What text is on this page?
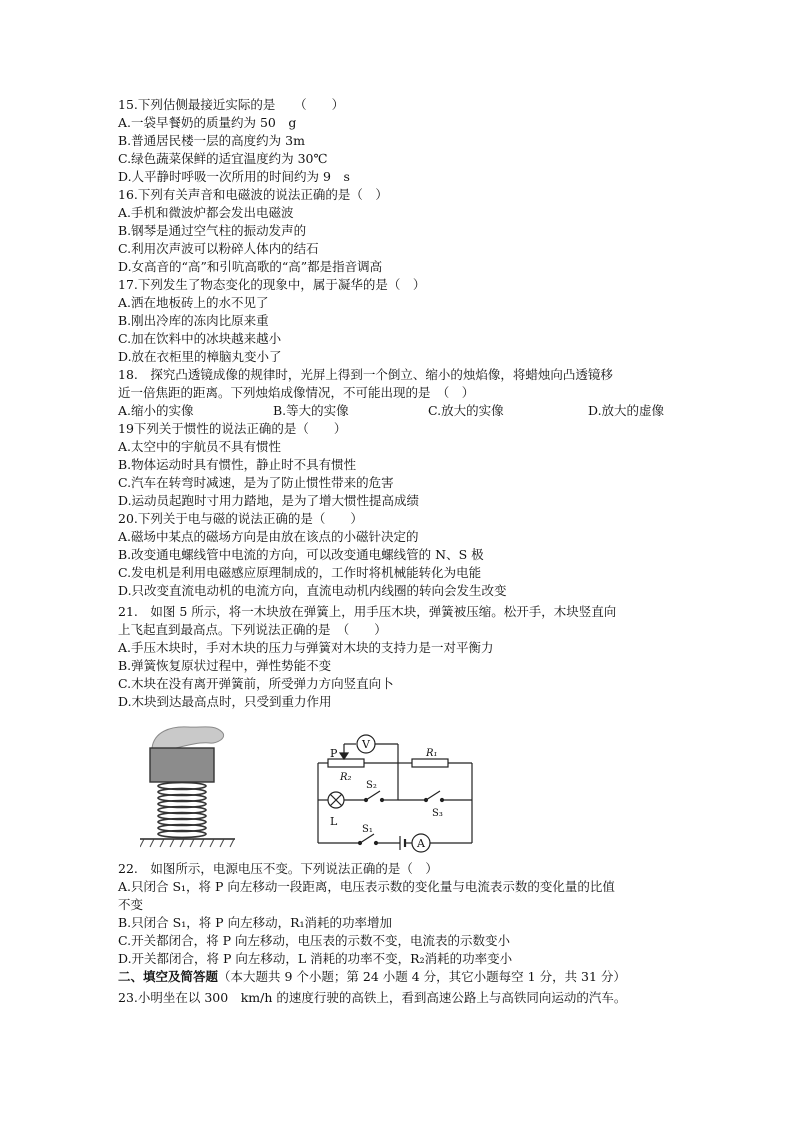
15.下列估侧最接近实际的是　　（　　）
A.一袋早餐奶的质量约为 50　g
B.普通居民楼一层的高度约为 3m
C.绿色蔬菜保鲜的适宜温度约为 30℃
D.人平静时呼吸一次所用的时间约为 9　s
16.下列有关声音和电磁波的说法正确的是（　）
A.手机和微波炉都会发出电磁波
B.钢琴是通过空气柱的振动发声的
C.利用次声波可以粉碎人体内的结石
D.女高音的“高”和引吭高歌的“高”都是指音调高
17.下列发生了物态变化的现象中，属于凝华的是（　）
A.洒在地板砖上的水不见了
B.刚出冷库的冻肉比原来重
C.加在饮料中的冰块越来越小
D.放在衣柜里的樟脑丸变小了
18.　探究凸透镜成像的规律时，光屏上得到一个倒立、缩小的烛焰像，将蜡烛向凸透镜移
近一倍焦距的距离。下列烛焰成像情况，不可能出现的是　（　）
A.缩小的实像	B.等大的实像	C.放大的实像	D.放大的虚像
19下列关于惯性的说法正确的是（　　）
A.太空中的宇航员不具有惯性
B.物体运动时具有惯性，静止时不具有惯性
C.汽车在转弯时减速，是为了防止惯性带来的危害
D.运动员起跑时寸用力踏地，是为了增大惯性提高成绩
20.下列关于电与磁的说法正确的是（　　）
A.磁场中某点的磁场方向是由放在该点的小磁针决定的
B.改变通电螺线管中电流的方向，可以改变通电螺线管的 N、S 极
C.发电机是利用电磁感应原理制成的，工作时将机械能转化为电能
D.只改变直流电动机的电流方向，直流电动机内线圈的转向会发生改变
21.　如图 5 所示，将一木块放在弹簧上，用手压木块，弹簧被压缩。松开手，木块竖直向
上飞起直到最高点。下列说法正确的是　（　　）
A.手压木块时，手对木块的压力与弹簧对木块的支持力是一对平衡力
B.弹簧恢复原状过程中，弹性势能不变
C.木块在没有离开弹簧前，所受弹力方向竖直向卜
D.木块到达最高点时，只受到重力作用
V
A
P	R₁
R₂
S₂
S₃
S₁
L
22.　如图所示，电源电压不变。下列说法正确的是（　）
A.只闭合 S₁，将 P 向左移动一段距离，电压表示数的变化量与电流表示数的变化量的比值
不变
B.只闭合 S₁，将 P 向左移动，R₁消耗的功率增加
C.开关都闭合，将 P 向左移动，电压表的示数不变，电流表的示数变小
D.开关都闭合，将 P 向左移动，L 消耗的功率不变，R₂消耗的功率变小
二、填空及简答题（本大题共 9 个小题；第 24 小题 4 分，其它小题每空 1 分，共 31 分）
23.小明坐在以 300　km/h 的速度行驶的高铁上，看到高速公路上与高铁同向运动的汽车。
